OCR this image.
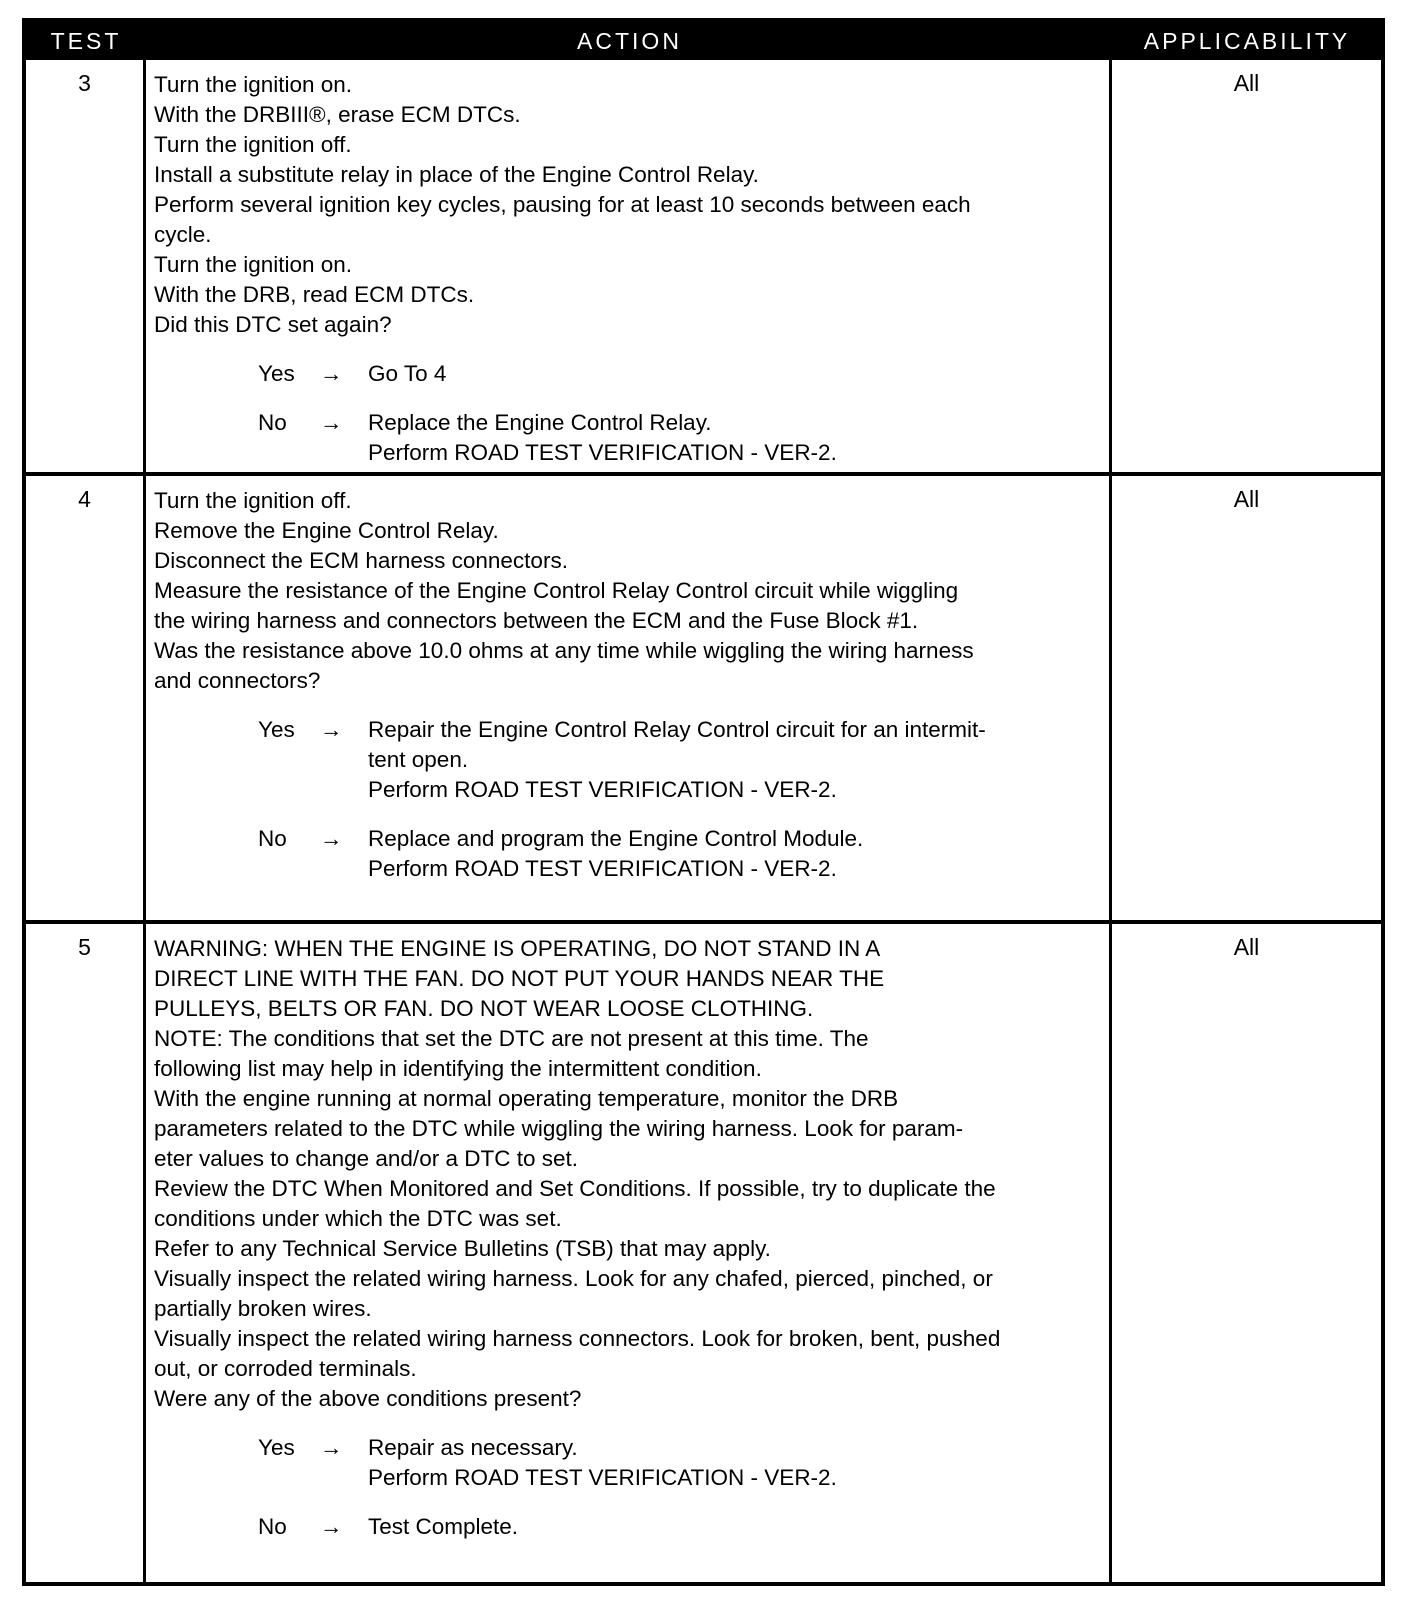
TEST	ACTION	APPLICABILITY
3	Turn the ignition on.
With the DRBIII®, erase ECM DTCs.
Turn the ignition off.
Install a substitute relay in place of the Engine Control Relay.
Perform several ignition key cycles, pausing for at least 10 seconds between each
cycle.
Turn the ignition on.
With the DRB, read ECM DTCs.
Did this DTC set again?
Yes → Go To 4
No → Replace the Engine Control Relay.
Perform ROAD TEST VERIFICATION - VER-2.
All
4	Turn the ignition off.
Remove the Engine Control Relay.
Disconnect the ECM harness connectors.
Measure the resistance of the Engine Control Relay Control circuit while wiggling
the wiring harness and connectors between the ECM and the Fuse Block #1.
Was the resistance above 10.0 ohms at any time while wiggling the wiring harness
and connectors?
Yes → Repair the Engine Control Relay Control circuit for an intermit-
tent open.
Perform ROAD TEST VERIFICATION - VER-2.
No → Replace and program the Engine Control Module.
Perform ROAD TEST VERIFICATION - VER-2.
All
5	WARNING: WHEN THE ENGINE IS OPERATING, DO NOT STAND IN A
DIRECT LINE WITH THE FAN. DO NOT PUT YOUR HANDS NEAR THE
PULLEYS, BELTS OR FAN. DO NOT WEAR LOOSE CLOTHING.
NOTE: The conditions that set the DTC are not present at this time. The
following list may help in identifying the intermittent condition.
With the engine running at normal operating temperature, monitor the DRB
parameters related to the DTC while wiggling the wiring harness. Look for param-
eter values to change and/or a DTC to set.
Review the DTC When Monitored and Set Conditions. If possible, try to duplicate the
conditions under which the DTC was set.
Refer to any Technical Service Bulletins (TSB) that may apply.
Visually inspect the related wiring harness. Look for any chafed, pierced, pinched, or
partially broken wires.
Visually inspect the related wiring harness connectors. Look for broken, bent, pushed
out, or corroded terminals.
Were any of the above conditions present?
Yes → Repair as necessary.
Perform ROAD TEST VERIFICATION - VER-2.
No → Test Complete.
All
